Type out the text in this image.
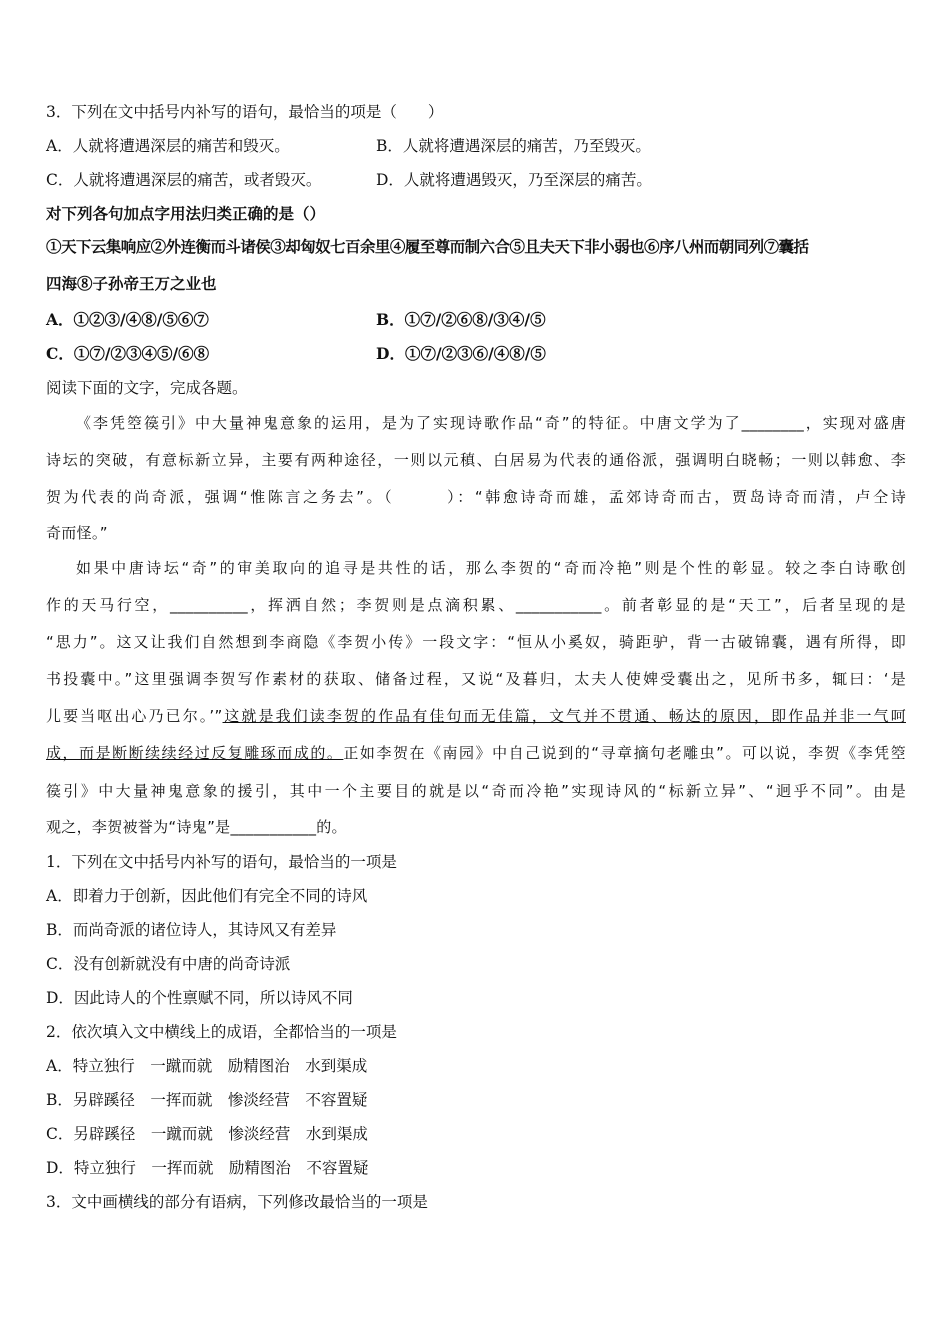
3．下列在文中括号内补写的语句，最恰当的项是（　　）
A．人就将遭遇深层的痛苦和毁灭。	B．人就将遭遇深层的痛苦，乃至毁灭。
C．人就将遭遇深层的痛苦，或者毁灭。	D．人就将遭遇毁灭，乃至深层的痛苦。
对下列各句加点字用法归类正确的是（）
①天下云集响应②外连衡而斗诸侯③却匈奴七百余里④履至尊而制六合⑤且夫天下非小弱也⑥序八州而朝同列⑦囊括
四海⑧子孙帝王万之业也
A．①②③/④⑧/⑤⑥⑦	B．①⑦/②⑥⑧/③④/⑤
C．①⑦/②③④⑤/⑥⑧	D．①⑦/②③⑥/④⑧/⑤
阅读下面的文字，完成各题。
《李凭箜篌引》中大量神鬼意象的运用，是为了实现诗歌作品“奇”的特征。中唐文学为了________，实现对盛唐
诗坛的突破，有意标新立异，主要有两种途径，一则以元稹、白居易为代表的通俗派，强调明白晓畅；一则以韩愈、李
贺为代表的尚奇派，强调“惟陈言之务去”。（　　　）：“韩愈诗奇而雄，孟郊诗奇而古，贾岛诗奇而清，卢仝诗
奇而怪。”
如果中唐诗坛“奇”的审美取向的追寻是共性的话，那么李贺的“奇而冷艳”则是个性的彰显。较之李白诗歌创
作的天马行空，__________，挥洒自然；李贺则是点滴积累、___________。前者彰显的是“天工”，后者呈现的是
“思力”。这又让我们自然想到李商隐《李贺小传》一段文字：“恒从小奚奴，骑距驴，背一古破锦囊，遇有所得，即
书投囊中。”这里强调李贺写作素材的获取、储备过程，又说“及暮归，太夫人使婢受囊出之，见所书多，辄曰：‘是
儿要当呕出心乃已尔。’”这就是我们读李贺的作品有佳句而无佳篇，文气并不贯通、畅达的原因，即作品并非一气呵
成，而是断断续续经过反复雕琢而成的。正如李贺在《南园》中自己说到的“寻章摘句老雕虫”。可以说，李贺《李凭箜
篌引》中大量神鬼意象的援引，其中一个主要目的就是以“奇而冷艳”实现诗风的“标新立异”、“迥乎不同”。由是
观之，李贺被誉为“诗鬼”是___________的。
1．下列在文中括号内补写的语句，最恰当的一项是
A．即着力于创新，因此他们有完全不同的诗风
B．而尚奇派的诸位诗人，其诗风又有差异
C．没有创新就没有中唐的尚奇诗派
D．因此诗人的个性禀赋不同，所以诗风不同
2．依次填入文中横线上的成语，全都恰当的一项是
A．特立独行　一蹴而就　励精图治　水到渠成
B．另辟蹊径　一挥而就　惨淡经营　不容置疑
C．另辟蹊径　一蹴而就　惨淡经营　水到渠成
D．特立独行　一挥而就　励精图治　不容置疑
3．文中画横线的部分有语病，下列修改最恰当的一项是
